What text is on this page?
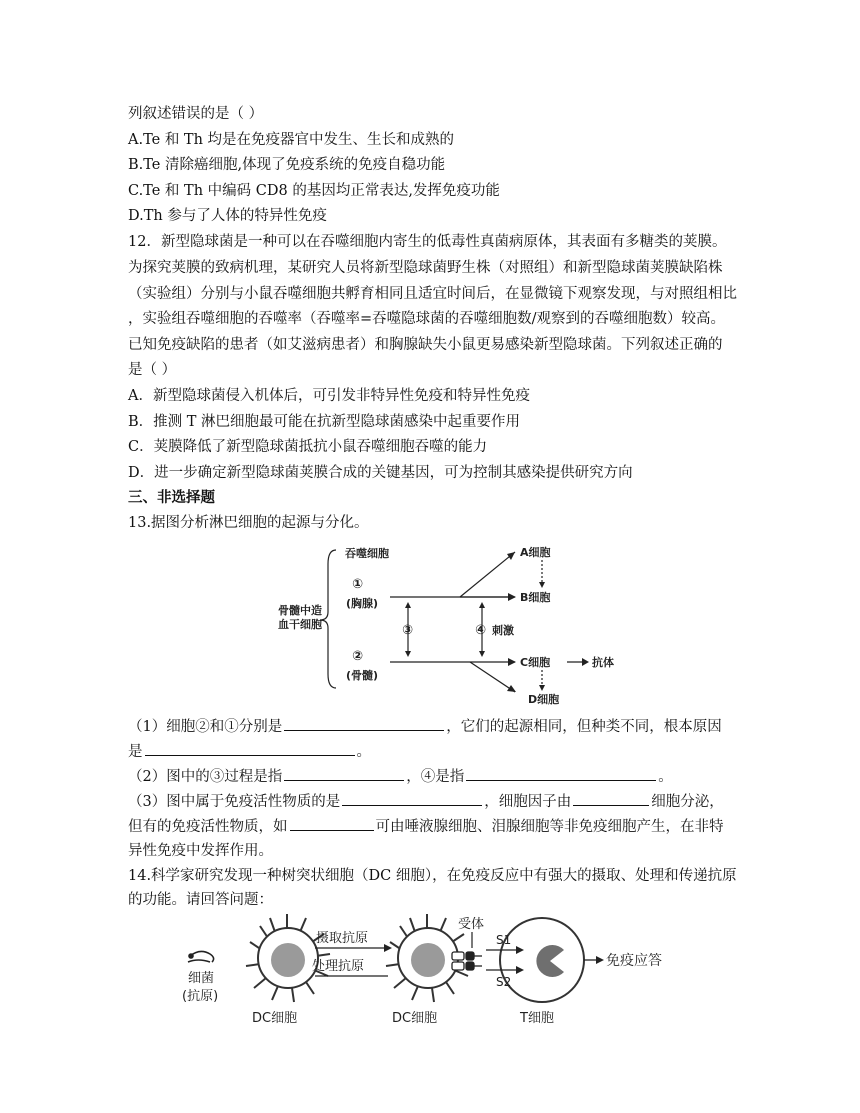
列叙述错误的是（ ）
A.Te 和 Th 均是在免疫器官中发生、生长和成熟的
B.Te 清除癌细胞,体现了免疫系统的免疫自稳功能
C.Te 和 Th 中编码 CD8 的基因均正常表达,发挥免疫功能
D.Th 参与了人体的特异性免疫
12．新型隐球菌是一种可以在吞噬细胞内寄生的低毒性真菌病原体，其表面有多糖类的荚膜。
为探究荚膜的致病机理，某研究人员将新型隐球菌野生株（对照组）和新型隐球菌荚膜缺陷株
（实验组）分别与小鼠吞噬细胞共孵育相同且适宜时间后，在显微镜下观察发现，与对照组相比
，实验组吞噬细胞的吞噬率（吞噬率=吞噬隐球菌的吞噬细胞数/观察到的吞噬细胞数）较高。
已知免疫缺陷的患者（如艾滋病患者）和胸腺缺失小鼠更易感染新型隐球菌。下列叙述正确的
是（ ）
A．新型隐球菌侵入机体后，可引发非特异性免疫和特异性免疫
B．推测 T 淋巴细胞最可能在抗新型隐球菌感染中起重要作用
C．荚膜降低了新型隐球菌抵抗小鼠吞噬细胞吞噬的能力
D．进一步确定新型隐球菌荚膜合成的关键基因，可为控制其感染提供研究方向
三、非选择题
13.据图分析淋巴细胞的起源与分化。
骨髓中造
血干细胞
吞噬细胞
①
(胸腺)
②
(骨髓)
③	④ 刺激
A细胞
B细胞
C细胞	抗体
D细胞
（1）细胞②和①分别是	，它们的起源相同，但种类不同，根本原因
是	。
（2）图中的③过程是指	，④是指	。
（3）图中属于免疫活性物质的是	，细胞因子由	细胞分泌，
但有的免疫活性物质，如	可由唾液腺细胞、泪腺细胞等非免疫细胞产生，在非特
异性免疫中发挥作用。
14.科学家研究发现一种树突状细胞（DC 细胞），在免疫反应中有强大的摄取、处理和传递抗原
的功能。请回答问题：
细菌
(抗原)
DC细胞
摄取抗原
处理抗原
DC细胞
受体
S1
S2
T细胞
免疫应答
